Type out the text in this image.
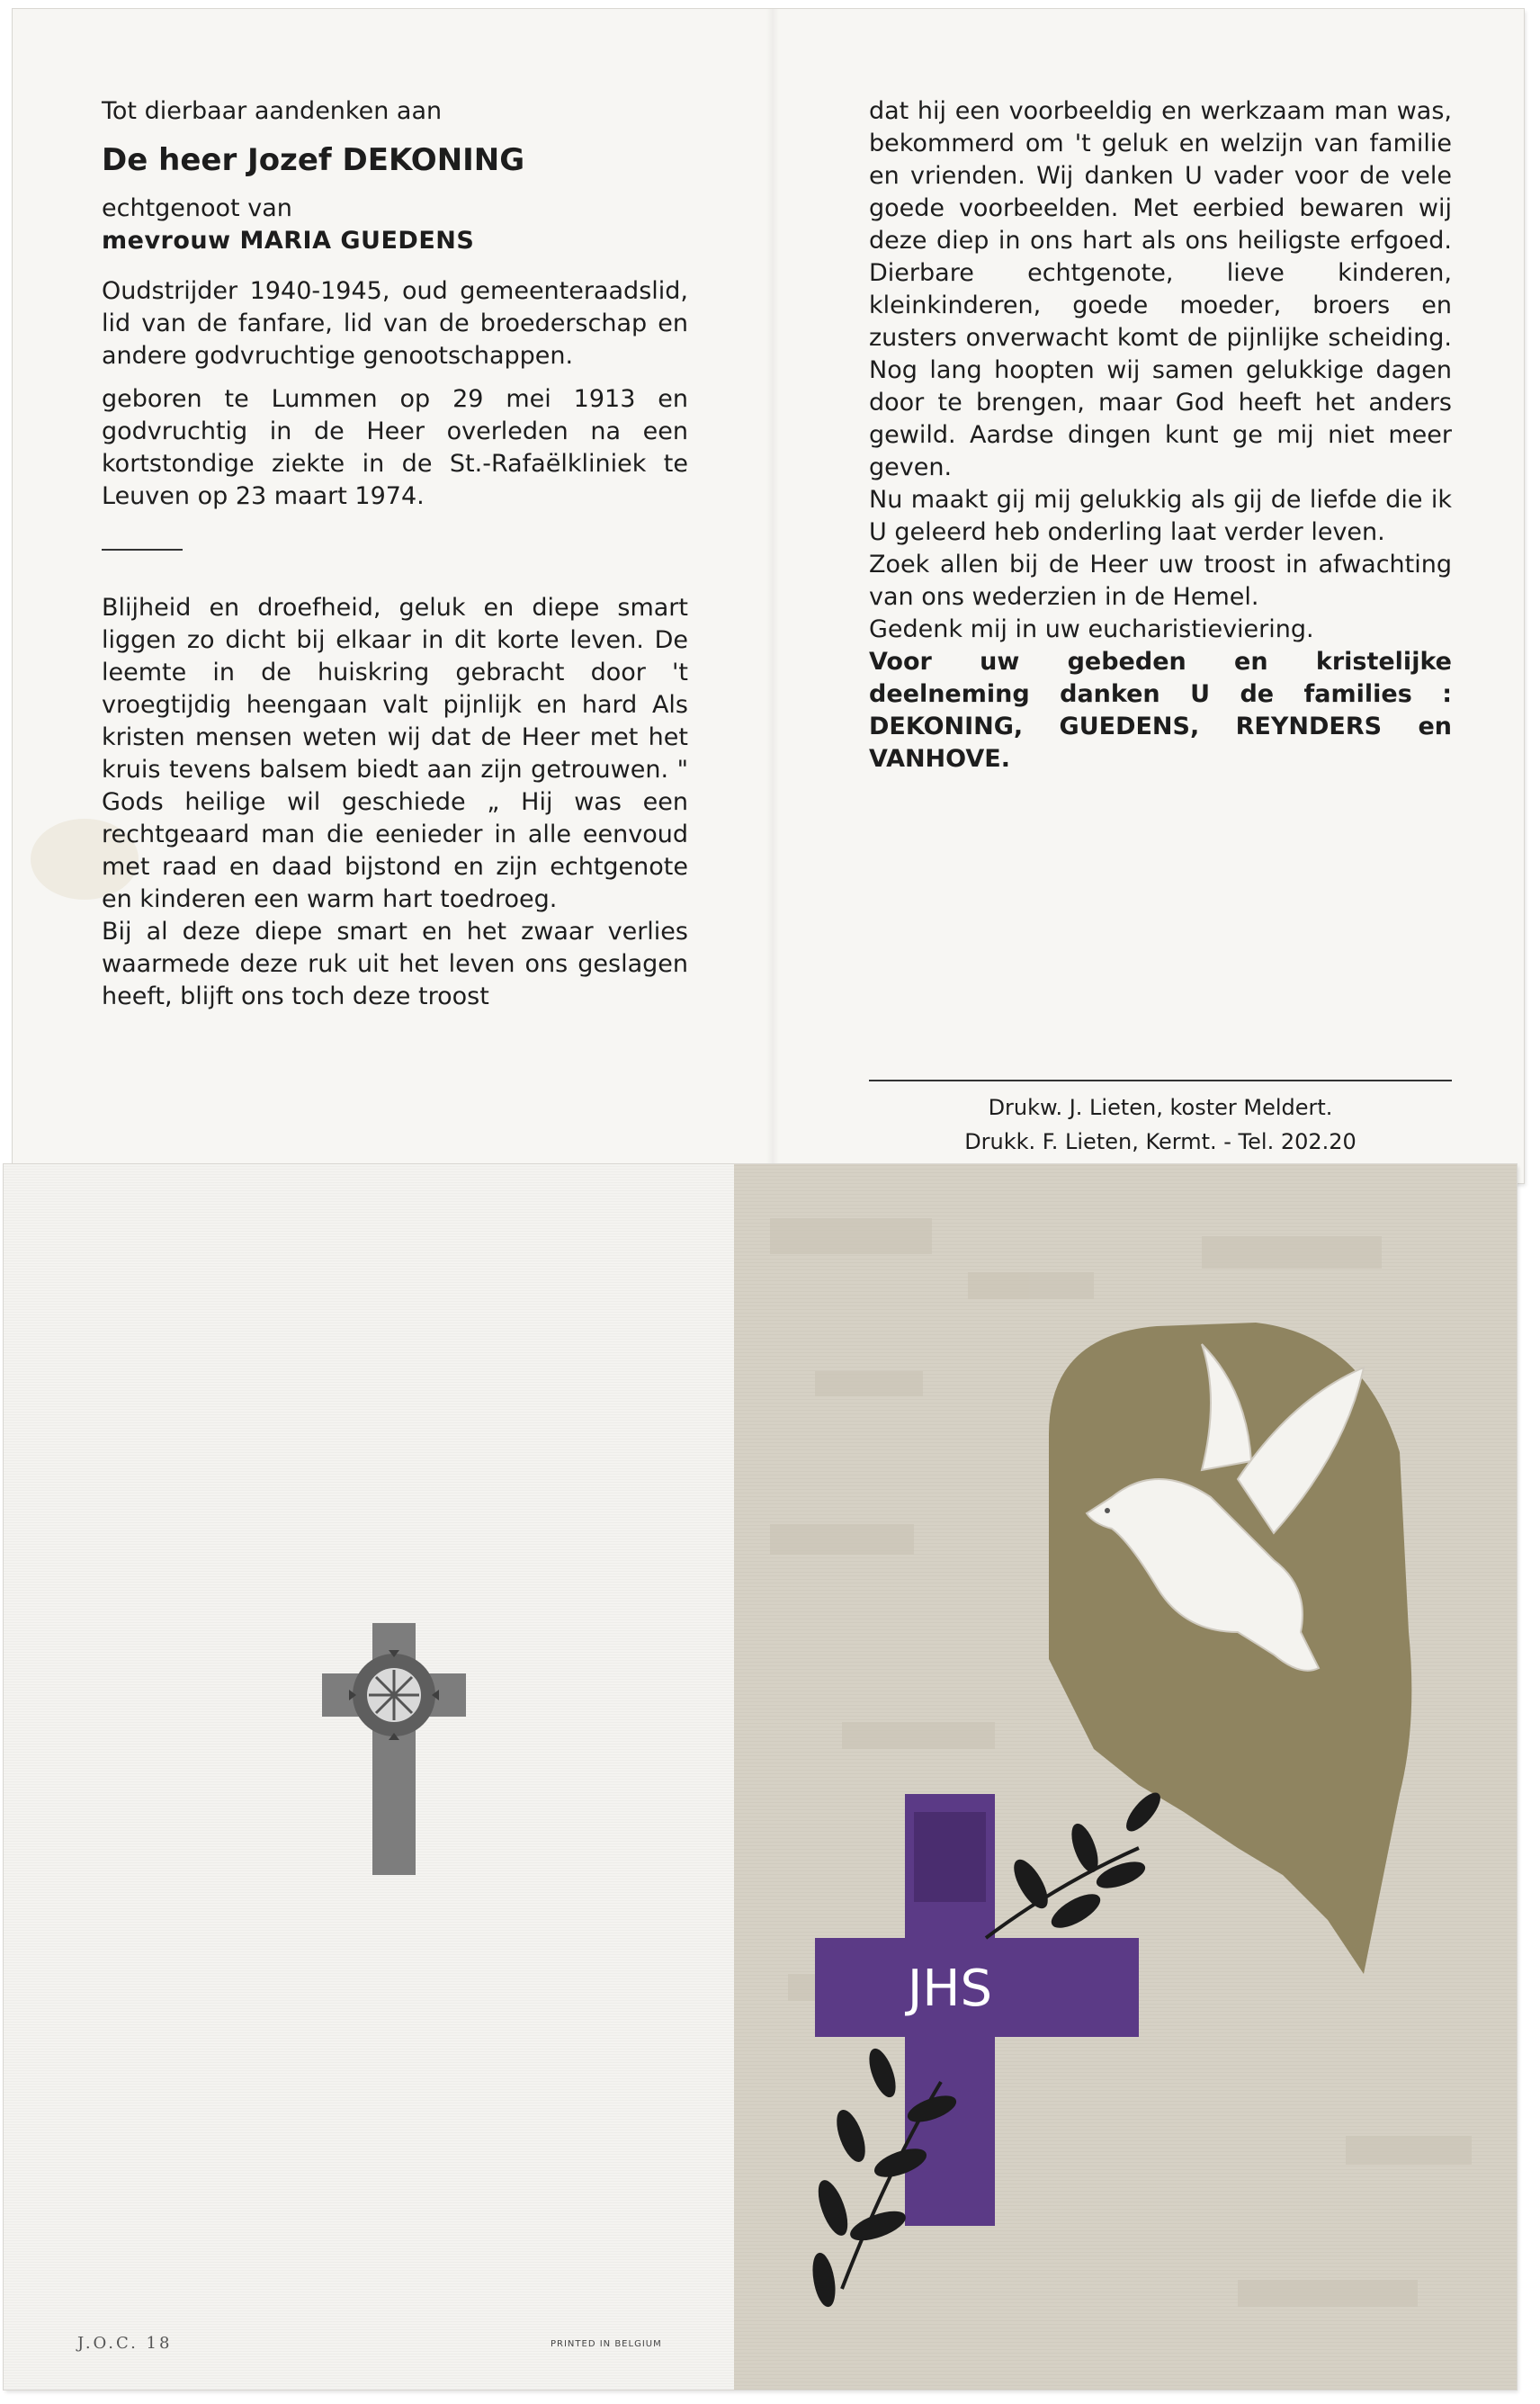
Tot dierbaar aandenken aan

De heer Jozef DEKONING

echtgenoot van

mevrouw MARIA GUEDENS

Oudstrijder 1940-1945, oud gemeenteraadslid, lid van de fanfare, lid van de broederschap en andere godvruchtige genootschappen.

geboren te Lummen op 29 mei 1913 en godvruchtig in de Heer overleden na een kortstondige ziekte in de St.-Rafaëlkliniek te Leuven op 23 maart 1974.

Blijheid en droefheid, geluk en diepe smart liggen zo dicht bij elkaar in dit korte leven. De leemte in de huiskring gebracht door 't vroegtijdig heengaan valt pijnlijk en hard Als kristen mensen weten wij dat de Heer met het kruis tevens balsem biedt aan zijn getrouwen. " Gods heilige wil geschiede „ Hij was een rechtgeaard man die eenieder in alle eenvoud met raad en daad bijstond en zijn echtgenote en kinderen een warm hart toedroeg.

Bij al deze diepe smart en het zwaar verlies waarmede deze ruk uit het leven ons geslagen heeft, blijft ons toch deze troost

dat hij een voorbeeldig en werkzaam man was, bekommerd om 't geluk en welzijn van familie en vrienden. Wij danken U vader voor de vele goede voorbeelden. Met eerbied bewaren wij deze diep in ons hart als ons heiligste erfgoed. Dierbare echtgenote, lieve kinderen, kleinkinderen, goede moeder, broers en zusters onverwacht komt de pijnlijke scheiding. Nog lang hoopten wij samen gelukkige dagen door te brengen, maar God heeft het anders gewild. Aardse dingen kunt ge mij niet meer geven.

Nu maakt gij mij gelukkig als gij de liefde die ik U geleerd heb onderling laat verder leven.

Zoek allen bij de Heer uw troost in afwachting van ons wederzien in de Hemel.

Gedenk mij in uw eucharistieviering.

Voor uw gebeden en kristelijke deelneming danken U de families : DEKONING, GUEDENS, REYNDERS en VANHOVE.

Drukw. J. Lieten, koster Meldert.
Drukk. F. Lieten, Kermt. - Tel. 202.20
J.O.C. 18	PRINTED IN BELGIUM
JHS
